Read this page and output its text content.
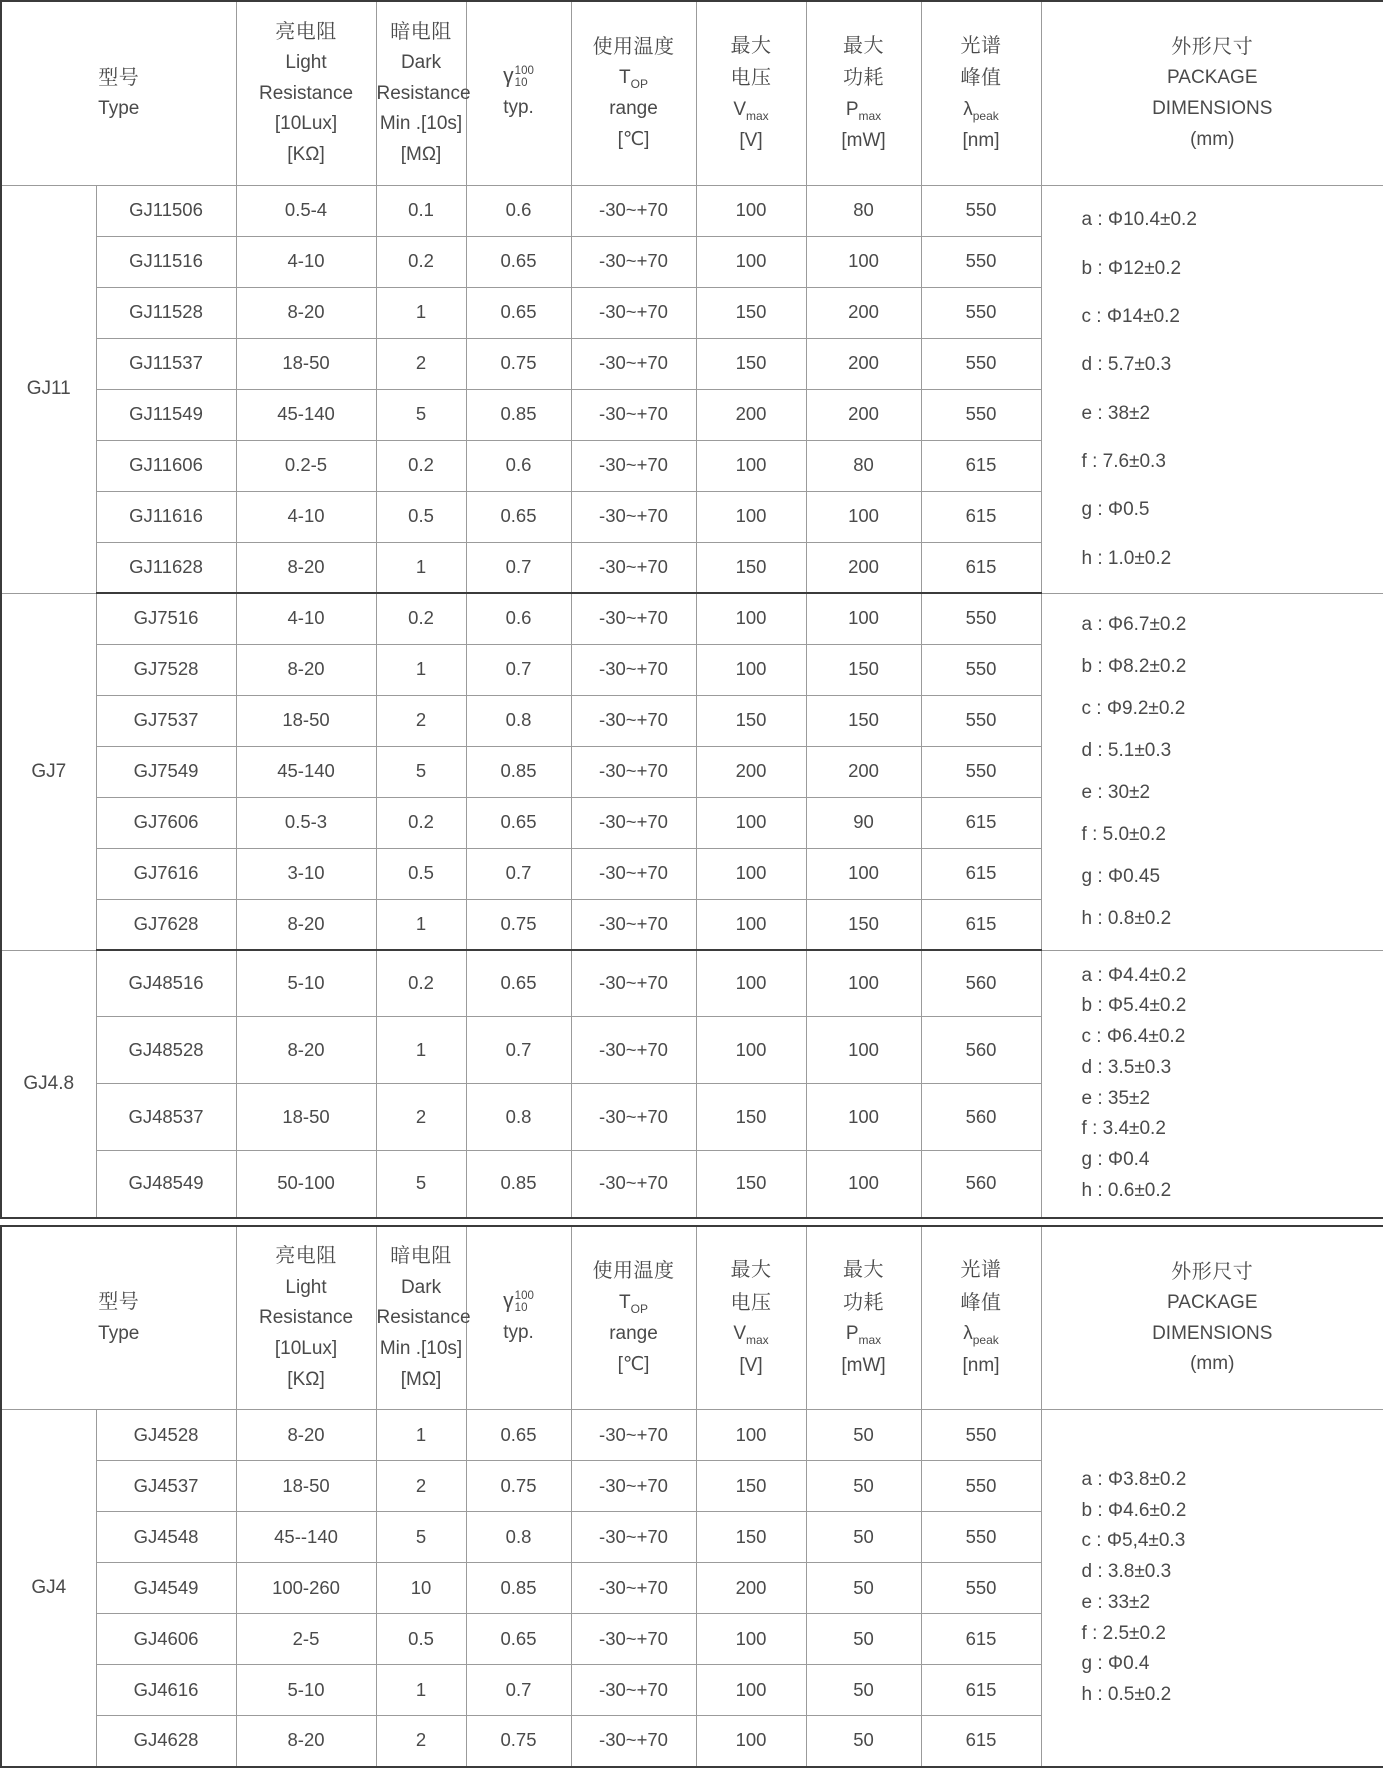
型号
Type		亮电阻
Light
Resistance
[10Lux]
[KΩ]	暗电阻
Dark
Resistance
Min .[10s]
[MΩ]	γ 100
10
typ.	使用温度
$T_{OP}$
range
[℃]	最大
电压
$V_{max}$
[V]	最大
功耗
$P_{max}$
[mW]	光谱
峰值
$\lambda_{peak}$
[nm]	外形尺寸
PACKAGE
DIMENSIONS
(mm)

GJ11	GJ11506	0.5-4	0.1	0.6	-30~+70	100	80	550	a : Φ10.4±0.2
b : Φ12±0.2
c : Φ14±0.2
d : 5.7±0.3
e : 38±2
f : 7.6±0.3
g : Φ0.5
h : 1.0±0.2

	GJ11516	4-10	0.2	0.65	-30~+70	100	100	550	
	GJ11528	8-20	1	0.65	-30~+70	150	200	550	
	GJ11537	18-50	2	0.75	-30~+70	150	200	550	
	GJ11549	45-140	5	0.85	-30~+70	200	200	550	
	GJ11606	0.2-5	0.2	0.6	-30~+70	100	80	615	
	GJ11616	4-10	0.5	0.65	-30~+70	100	100	615	
	GJ11628	8-20	1	0.7	-30~+70	150	200	615	
GJ7	GJ7516	4-10	0.2	0.6	-30~+70	100	100	550	a : Φ6.7±0.2
b : Φ8.2±0.2
c : Φ9.2±0.2
d : 5.1±0.3
e : 30±2
f : 5.0±0.2
g : Φ0.45
h : 0.8±0.2

	GJ7528	8-20	1	0.7	-30~+70	100	150	550	
	GJ7537	18-50	2	0.8	-30~+70	150	150	550	
	GJ7549	45-140	5	0.85	-30~+70	200	200	550	
	GJ7606	0.5-3	0.2	0.65	-30~+70	100	90	615	
	GJ7616	3-10	0.5	0.7	-30~+70	100	100	615	
	GJ7628	8-20	1	0.75	-30~+70	100	150	615	
GJ4.8	GJ48516	5-10	0.2	0.65	-30~+70	100	100	560	a : Φ4.4±0.2
b : Φ5.4±0.2
c : Φ6.4±0.2
d : 3.5±0.3
e : 35±2
f : 3.4±0.2
g : Φ0.4
h : 0.6±0.2

	GJ48528	8-20	1	0.7	-30~+70	100	100	560	
	GJ48537	18-50	2	0.8	-30~+70	150	100	560	
	GJ48549	50-100	5	0.85	-30~+70	150	100	560	
型号
Type		亮电阻
Light
Resistance
[10Lux]
[KΩ]	暗电阻
Dark
Resistance
Min .[10s]
[MΩ]	γ 100
10
typ.	使用温度
$T_{OP}$
range
[℃]	最大
电压
$V_{max}$
[V]	最大
功耗
$P_{max}$
[mW]	光谱
峰值
$\lambda_{peak}$
[nm]	外形尺寸
PACKAGE
DIMENSIONS
(mm)

GJ4	GJ4528	8-20	1	0.65	-30~+70	100	50	550	
a : Φ3.8±0.2
b : Φ4.6±0.2
c : Φ5,4±0.3
d : 3.8±0.3
e : 33±2
f : 2.5±0.2
g : Φ0.4
h : 0.5±0.2

	GJ4537	18-50	2	0.75	-30~+70	150	50	550	
	GJ4548	45--140	5	0.8	-30~+70	150	50	550	
	GJ4549	100-260	10	0.85	-30~+70	200	50	550	
	GJ4606	2-5	0.5	0.65	-30~+70	100	50	615	
	GJ4616	5-10	1	0.7	-30~+70	100	50	615	
	GJ4628	8-20	2	0.75	-30~+70	100	50	615	
